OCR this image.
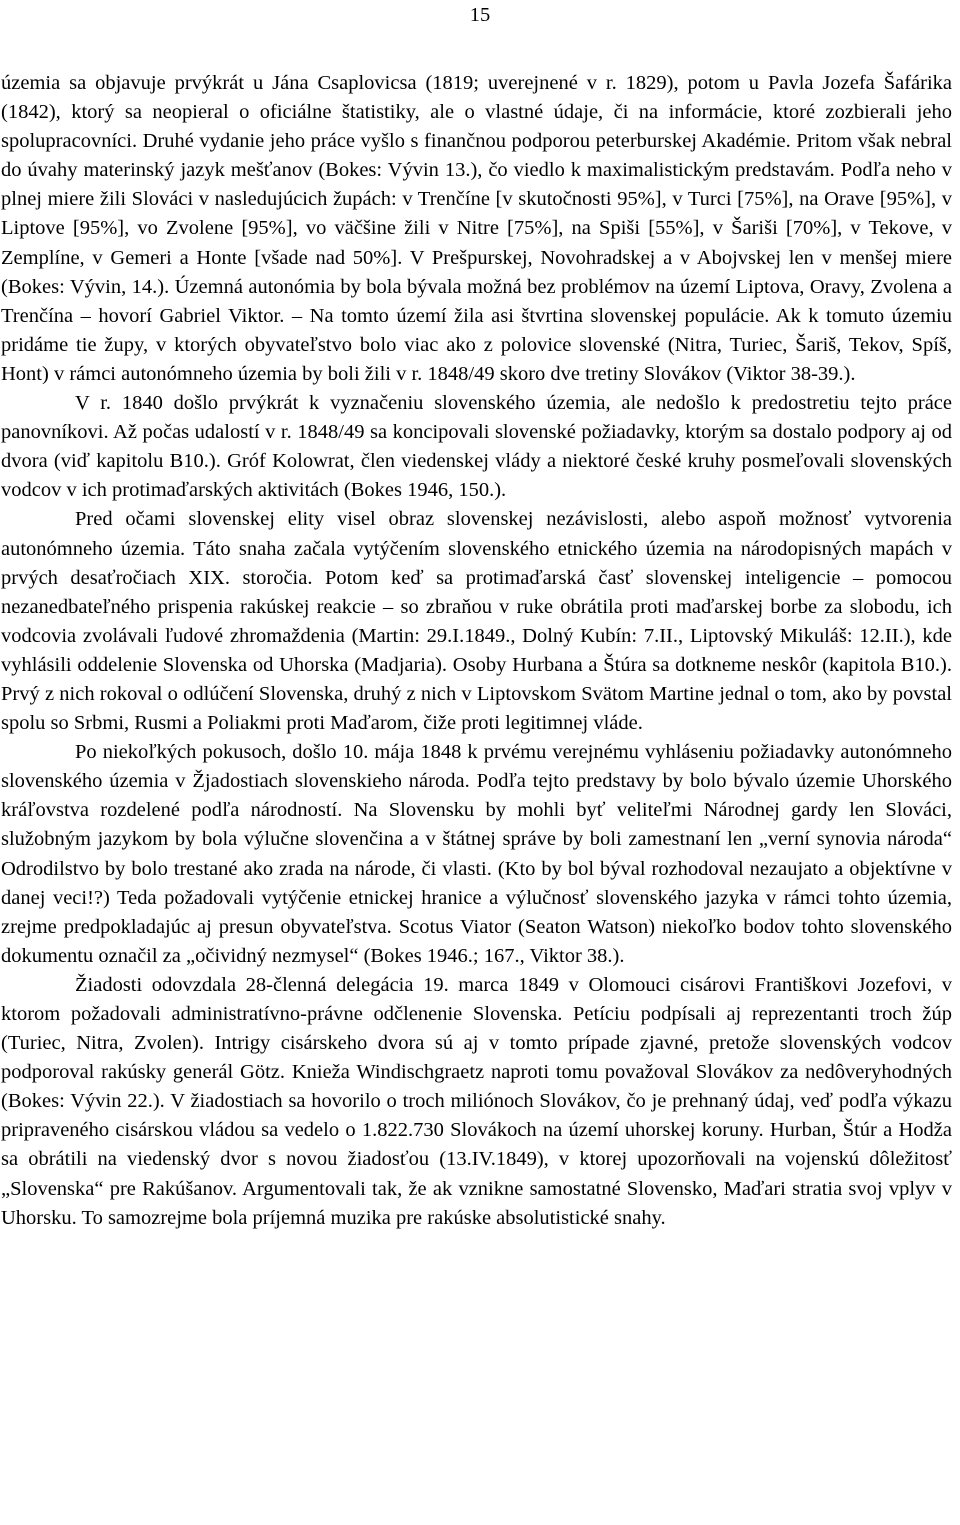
15

územia sa objavuje prvýkrát u Jána Csaplovicsa (1819; uverejnené v r. 1829), potom u Pavla Jozefa Šafárika (1842), ktorý sa neopieral o oficiálne štatistiky, ale o vlastné údaje, či na informácie, ktoré zozbierali jeho spolupracovníci. Druhé vydanie jeho práce vyšlo s finančnou podporou peterburskej Akadémie. Pritom však nebral do úvahy materinský jazyk mešťanov (Bokes: Vývin 13.), čo viedlo k maximalistickým predstavám. Podľa neho v plnej miere žili Slováci v nasledujúcich župách: v Trenčíne [v skutočnosti 95%], v Turci [75%], na Orave [95%], v Liptove [95%], vo Zvolene [95%], vo väčšine žili v Nitre [75%], na Spiši [55%], v Šariši [70%], v Tekove, v Zemplíne, v Gemeri a Honte [všade nad 50%]. V Prešpurskej, Novohradskej a v Abojvskej len v menšej miere (Bokes: Vývin, 14.). Územná autonómia by bola bývala možná bez problémov na území Liptova, Oravy, Zvolena a Trenčína – hovorí Gabriel Viktor. – Na tomto území žila asi štvrtina slovenskej populácie. Ak k tomuto územiu pridáme tie župy, v ktorých obyvateľstvo bolo viac ako z polovice slovenské (Nitra, Turiec, Šariš, Tekov, Spíš, Hont) v rámci autonómneho územia by boli žili v r. 1848/49 skoro dve tretiny Slovákov (Viktor 38-39.).

V r. 1840 došlo prvýkrát k vyznačeniu slovenského územia, ale nedošlo k predostretiu tejto práce panovníkovi. Až počas udalostí v r. 1848/49 sa koncipovali slovenské požiadavky, ktorým sa dostalo podpory aj od dvora (viď kapitolu B10.). Gróf Kolowrat, člen viedenskej vlády a niektoré české kruhy posmeľovali slovenských vodcov v ich protimaďarských aktivitách (Bokes 1946, 150.).

Pred očami slovenskej elity visel obraz slovenskej nezávislosti, alebo aspoň možnosť vytvorenia autonómneho územia. Táto snaha začala vytýčením slovenského etnického územia na národopisných mapách v prvých desaťročiach XIX. storočia. Potom keď sa protimaďarská časť slovenskej inteligencie – pomocou nezanedbateľného prispenia rakúskej reakcie – so zbraňou v ruke obrátila proti maďarskej borbe za slobodu, ich vodcovia zvolávali ľudové zhromaždenia (Martin: 29.I.1849., Dolný Kubín: 7.II., Liptovský Mikuláš: 12.II.), kde vyhlásili oddelenie Slovenska od Uhorska (Madjaria). Osoby Hurbana a Štúra sa dotkneme neskôr (kapitola B10.). Prvý z nich rokoval o odlúčení Slovenska, druhý z nich v Liptovskom Svätom Martine jednal o tom, ako by povstal spolu so Srbmi, Rusmi a Poliakmi proti Maďarom, čiže proti legitimnej vláde.

Po niekoľkých pokusoch, došlo 10. mája 1848 k prvému verejnému vyhláseniu požiadavky autonómneho slovenského územia v Žjadostiach slovenskieho národa. Podľa tejto predstavy by bolo bývalo územie Uhorského kráľovstva rozdelené podľa národností. Na Slovensku by mohli byť veliteľmi Národnej gardy len Slováci, služobným jazykom by bola výlučne slovenčina a v štátnej správe by boli zamestnaní len „verní synovia národa“ Odrodilstvo by bolo trestané ako zrada na národe, či vlasti. (Kto by bol býval rozhodoval nezaujato a objektívne v danej veci!?) Teda požadovali vytýčenie etnickej hranice a výlučnosť slovenského jazyka v rámci tohto územia, zrejme predpokladajúc aj presun obyvateľstva. Scotus Viator (Seaton Watson) niekoľko bodov tohto slovenského dokumentu označil za „očividný nezmysel“ (Bokes 1946.; 167., Viktor 38.).

Žiadosti odovzdala 28-členná delegácia 19. marca 1849 v Olomouci cisárovi Františkovi Jozefovi, v ktorom požadovali administratívno-právne odčlenenie Slovenska. Petíciu podpísali aj reprezentanti troch žúp (Turiec, Nitra, Zvolen). Intrigy cisárskeho dvora sú aj v tomto prípade zjavné, pretože slovenských vodcov podporoval rakúsky generál Götz. Knieža Windischgraetz naproti tomu považoval Slovákov za nedôveryhodných (Bokes: Vývin 22.). V žiadostiach sa hovorilo o troch miliónoch Slovákov, čo je prehnaný údaj, veď podľa výkazu pripraveného cisárskou vládou sa vedelo o 1.822.730 Slovákoch na území uhorskej koruny. Hurban, Štúr a Hodža sa obrátili na viedenský dvor s novou žiadosťou (13.IV.1849), v ktorej upozorňovali na vojenskú dôležitosť „Slovenska“ pre Rakúšanov. Argumentovali tak, že ak vznikne samostatné Slovensko, Maďari stratia svoj vplyv v Uhorsku. To samozrejme bola príjemná muzika pre rakúske absolutistické snahy.
